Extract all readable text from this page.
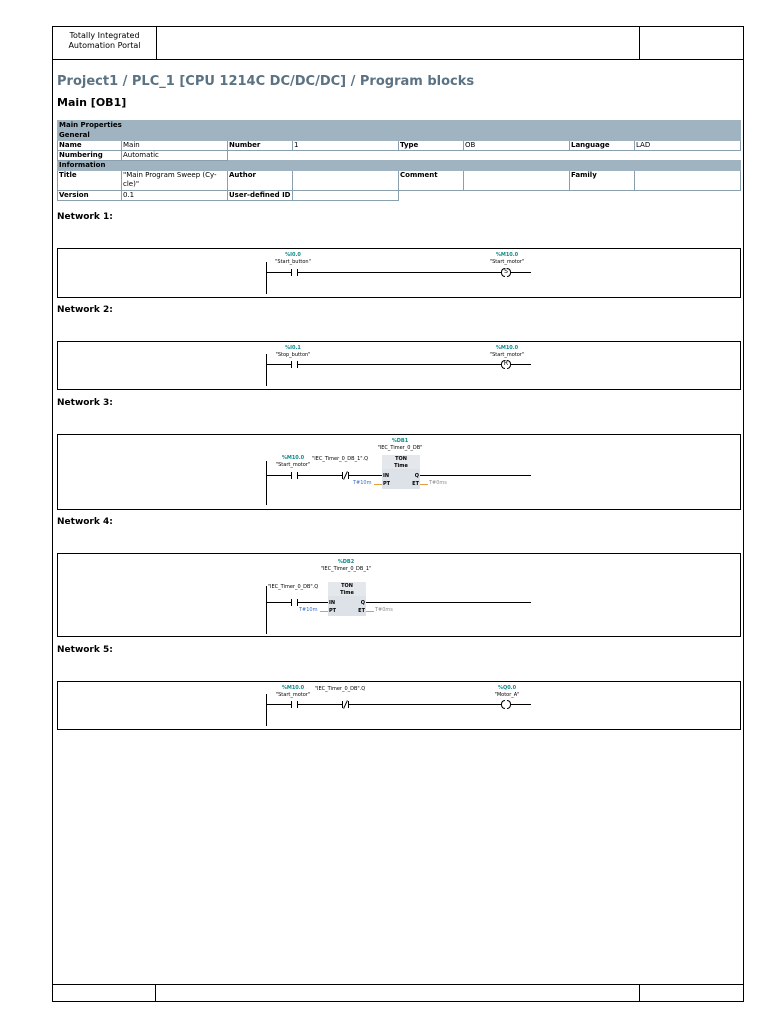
Totally Integrated
Automation Portal
Project1 / PLC_1 [CPU 1214C DC/DC/DC] / Program blocks
Main [OB1]
Main Properties							
General							
Name	Main	Number	1	Type	OB	Language	LAD
Numbering	Automatic						
Information							
Title	"Main Program Sweep (Cy-cle)"	Author		Comment		Family	
Version	0.1	User-defined ID					
Network 1:
%I0.0
"Start_button"
%M10.0
"Start_motor"
S
Network 2:
%I0.1
"Stop_button"
%M10.0
"Start_motor"
R
Network 3:
%M10.0
"Start_motor"
"IEC_Timer_0_DB_1".Q
%DB1
"IEC_Timer_0_DB"
TON
Time
IN
PT
Q
ET
T#10m	T#0ms
Network 4:
"IEC_Timer_0_DB".Q
%DB2
"IEC_Timer_0_DB_1"
TON
Time
IN
PT
Q
ET
T#10m	T#0ms
Network 5:
%M10.0
"Start_motor"
"IEC_Timer_0_DB".Q	%Q0.0
"Motor_A"
